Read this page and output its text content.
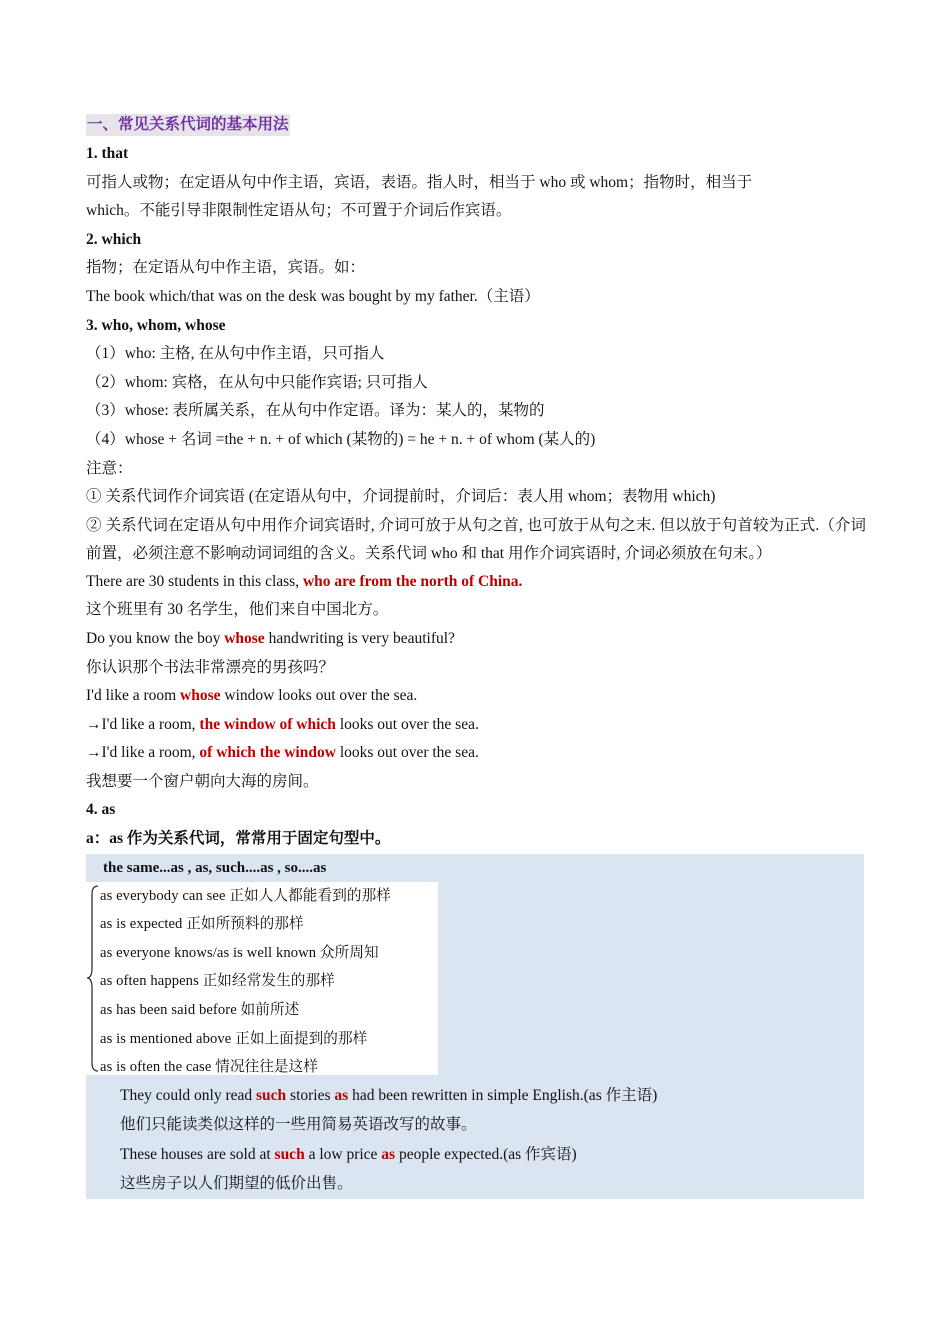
一、常见关系代词的基本用法
1. that
可指人或物；在定语从句中作主语，宾语，表语。指人时，相当于 who 或 whom；指物时，相当于
which。不能引导非限制性定语从句；不可置于介词后作宾语。
2. which
指物；在定语从句中作主语，宾语。如：
The book which/that was on the desk was bought by my father.（主语）
3. who, whom, whose
（1）who: 主格, 在从句中作主语，只可指人
（2）whom: 宾格，在从句中只能作宾语; 只可指人
（3）whose: 表所属关系，在从句中作定语。译为：某人的，某物的
（4）whose + 名词 =the + n. + of which (某物的) = he + n. + of whom (某人的)
注意：
① 关系代词作介词宾语 (在定语从句中，介词提前时，介词后：表人用 whom；表物用 which)
② 关系代词在定语从句中用作介词宾语时, 介词可放于从句之首, 也可放于从句之末. 但以放于句首较为正式.（介词前置，必须注意不影响动词词组的含义。关系代词 who 和 that 用作介词宾语时, 介词必须放在句末。）
There are 30 students in this class, who are from the north of China.
这个班里有 30 名学生，他们来自中国北方。
Do you know the boy whose handwriting is very beautiful?
你认识那个书法非常漂亮的男孩吗？
I'd like a room whose window looks out over the sea.
→I'd like a room, the window of which looks out over the sea.
→I'd like a room, of which the window looks out over the sea.
我想要一个窗户朝向大海的房间。
4. as
a：as 作为关系代词，常常用于固定句型中。
the same...as , as, such....as , so....as
as everybody can see 正如人人都能看到的那样
as is expected 正如所预料的那样
as everyone knows/as is well known 众所周知
as often happens 正如经常发生的那样
as has been said before 如前所述
as is mentioned above 正如上面提到的那样
as is often the case 情况往往是这样
They could only read such stories as had been rewritten in simple English.(as 作主语)
他们只能读类似这样的一些用简易英语改写的故事。
These houses are sold at such a low price as people expected.(as 作宾语)
这些房子以人们期望的低价出售。
